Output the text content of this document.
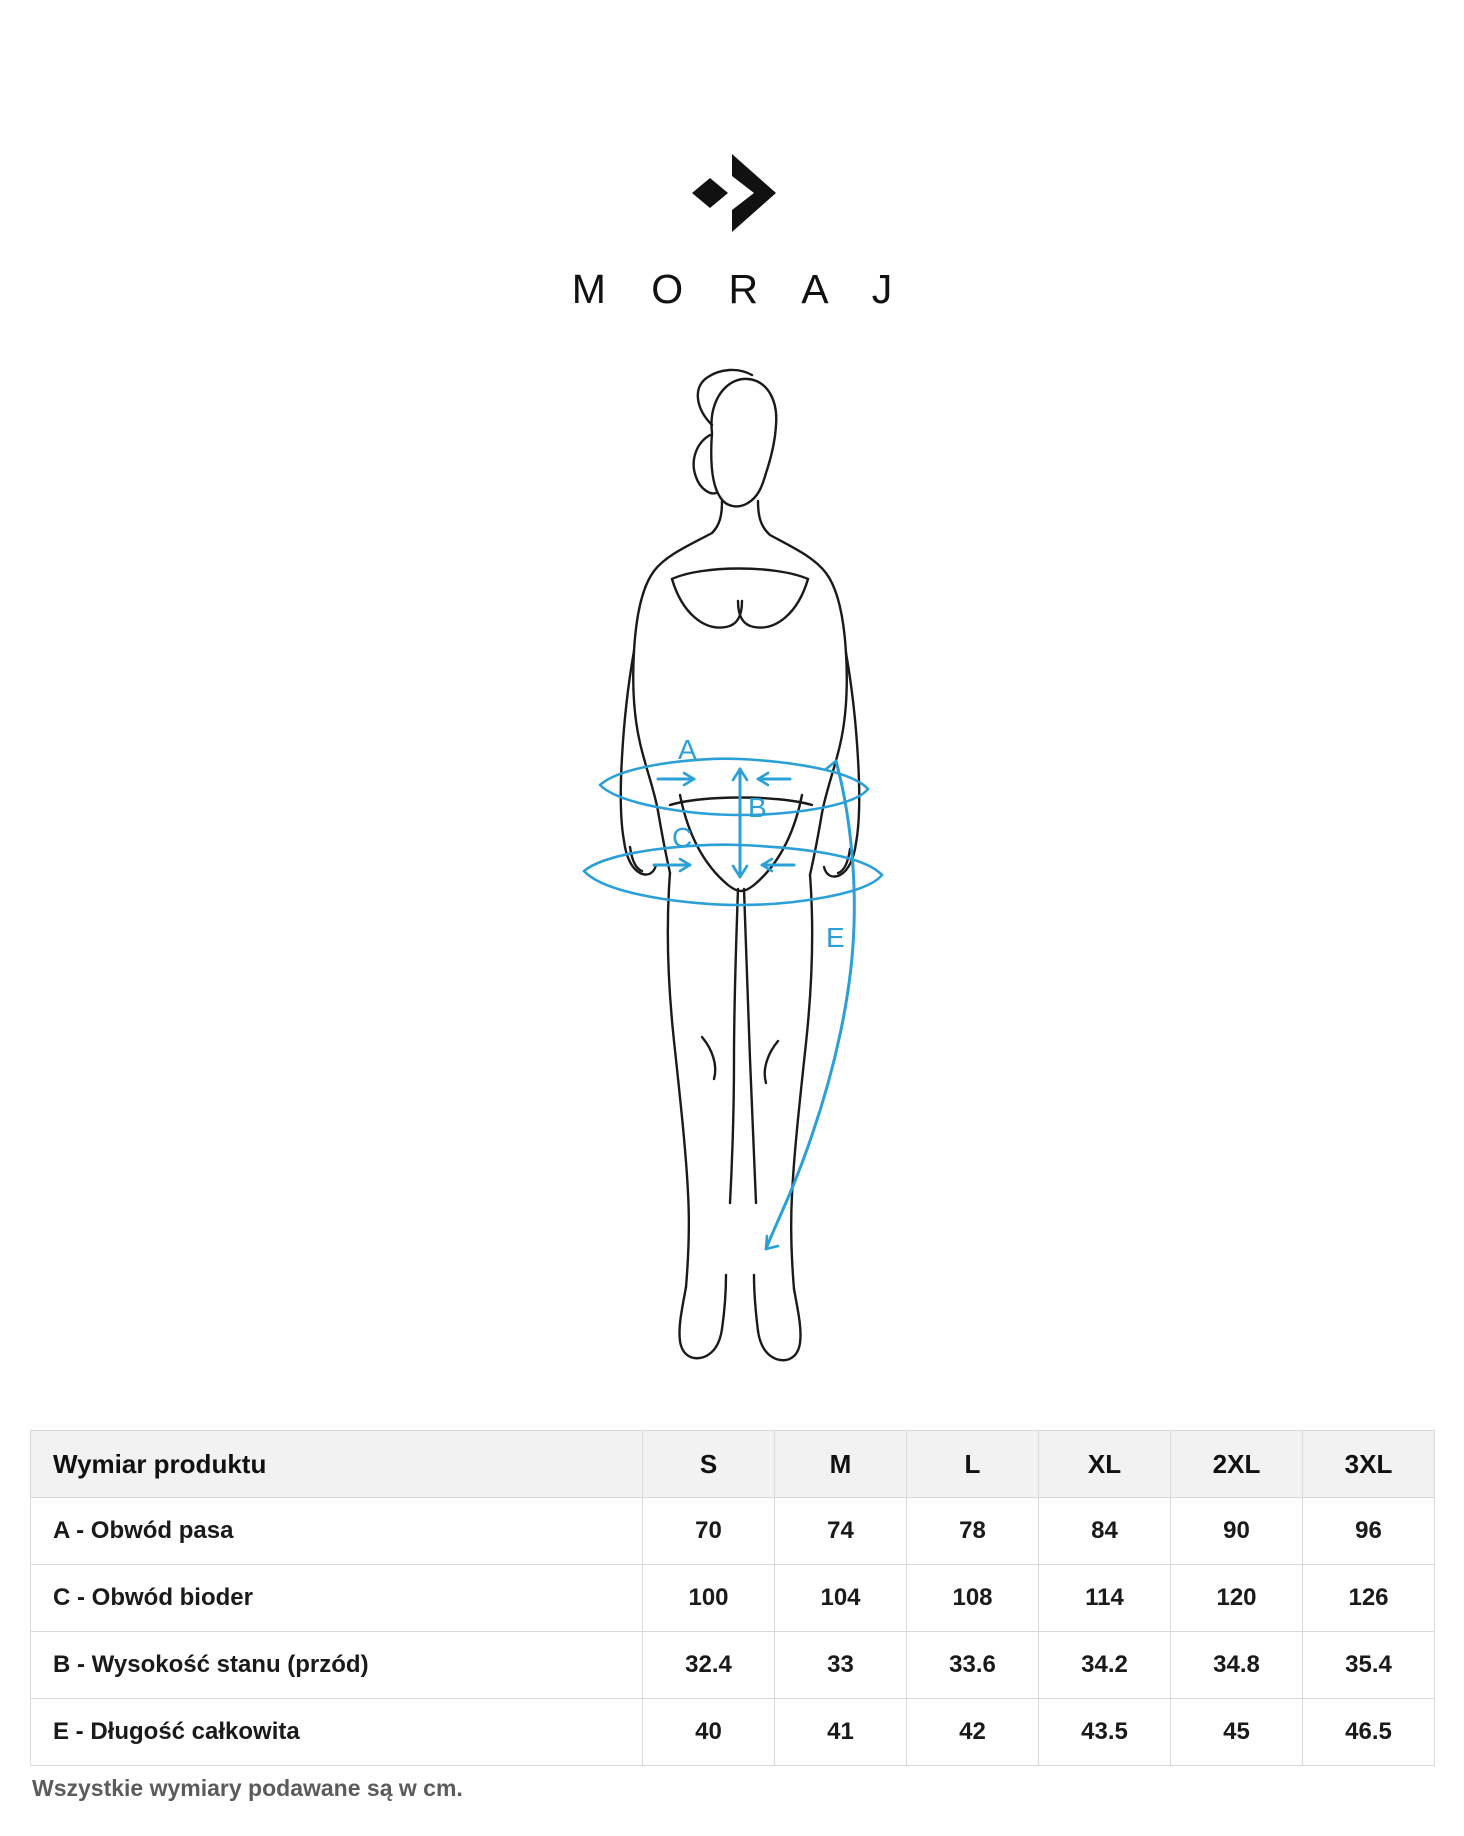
M O R A J
A
B
C
E
Wymiar produktu	S	M	L	XL	2XL	3XL
A - Obwód pasa	70	74	78	84	90	96
C - Obwód bioder	100	104	108	114	120	126
B - Wysokość stanu (przód)	32.4	33	33.6	34.2	34.8	35.4
E - Długość całkowita	40	41	42	43.5	45	46.5
Wszystkie wymiary podawane są w cm.
